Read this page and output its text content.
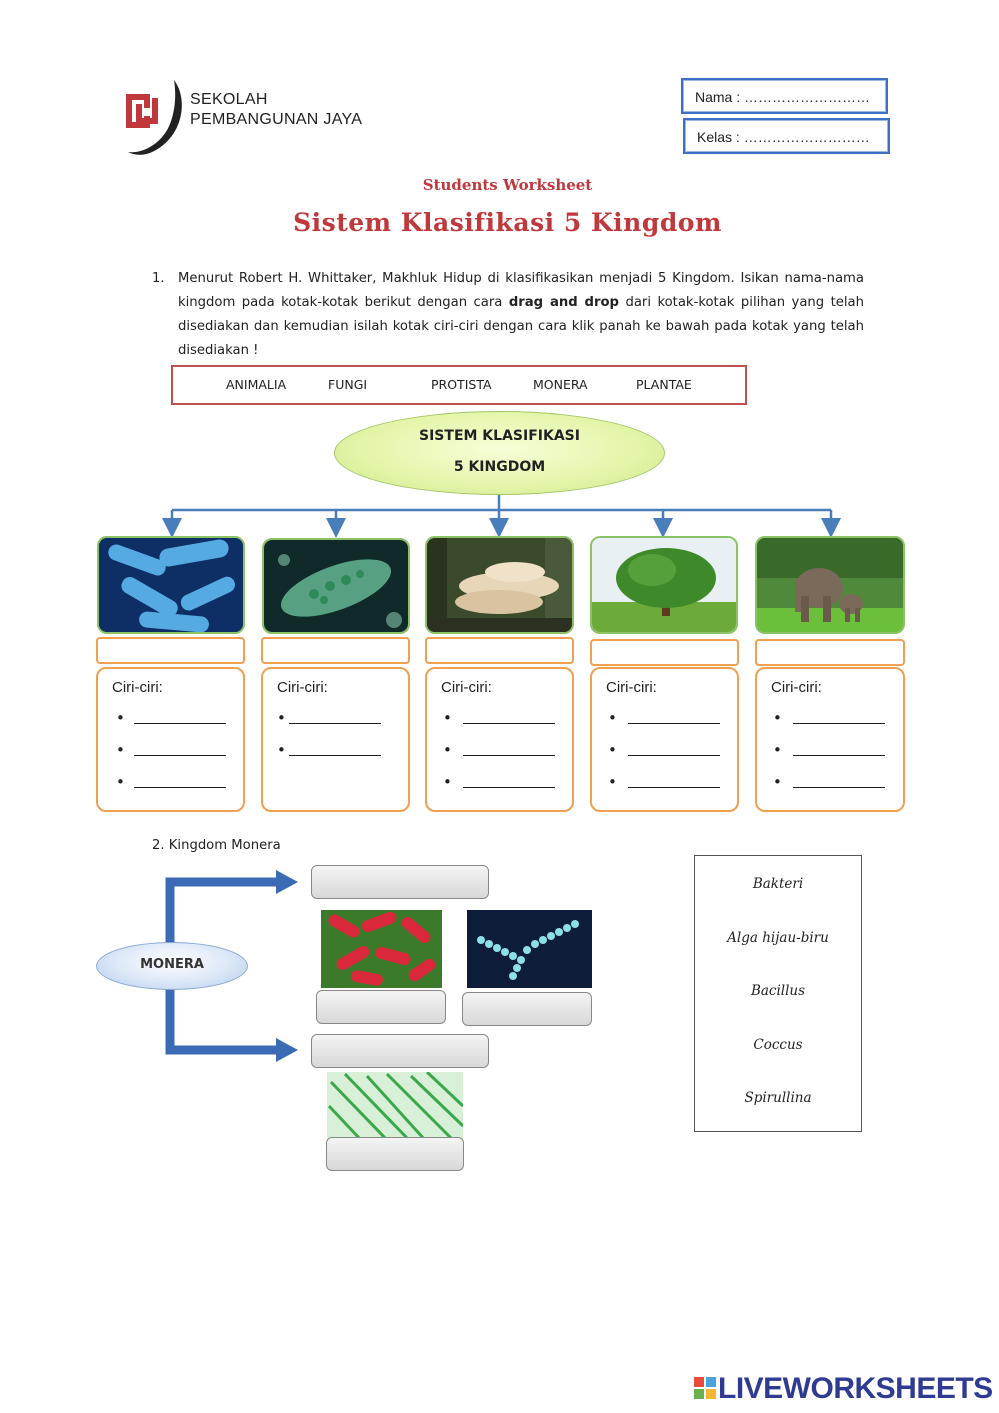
SEKOLAH
PEMBANGUNAN JAYA
Nama : ………………………
Kelas : ………………………
Students Worksheet
Sistem Klasifikasi 5 Kingdom
1. Menurut Robert H. Whittaker, Makhluk Hidup di klasifikasikan menjadi 5 Kingdom. Isikan nama-nama kingdom pada kotak-kotak berikut dengan cara drag and drop dari kotak-kotak pilihan yang telah disediakan dan kemudian isilah kotak ciri-ciri dengan cara klik panah ke bawah pada kotak yang telah disediakan !
ANIMALIA	FUNGI	PROTISTA	MONERA	PLANTAE
SISTEM KLASIFIKASI
5 KINGDOM
Ciri-ciri:
•
•
•
Ciri-ciri:
•
•
Ciri-ciri:
•
•
•
Ciri-ciri:
•
•
•
Ciri-ciri:
•
•
•
2. Kingdom Monera
MONERA
Bakteri
Alga hijau-biru
Bacillus
Coccus
Spirullina
LIVEWORKSHEETS
